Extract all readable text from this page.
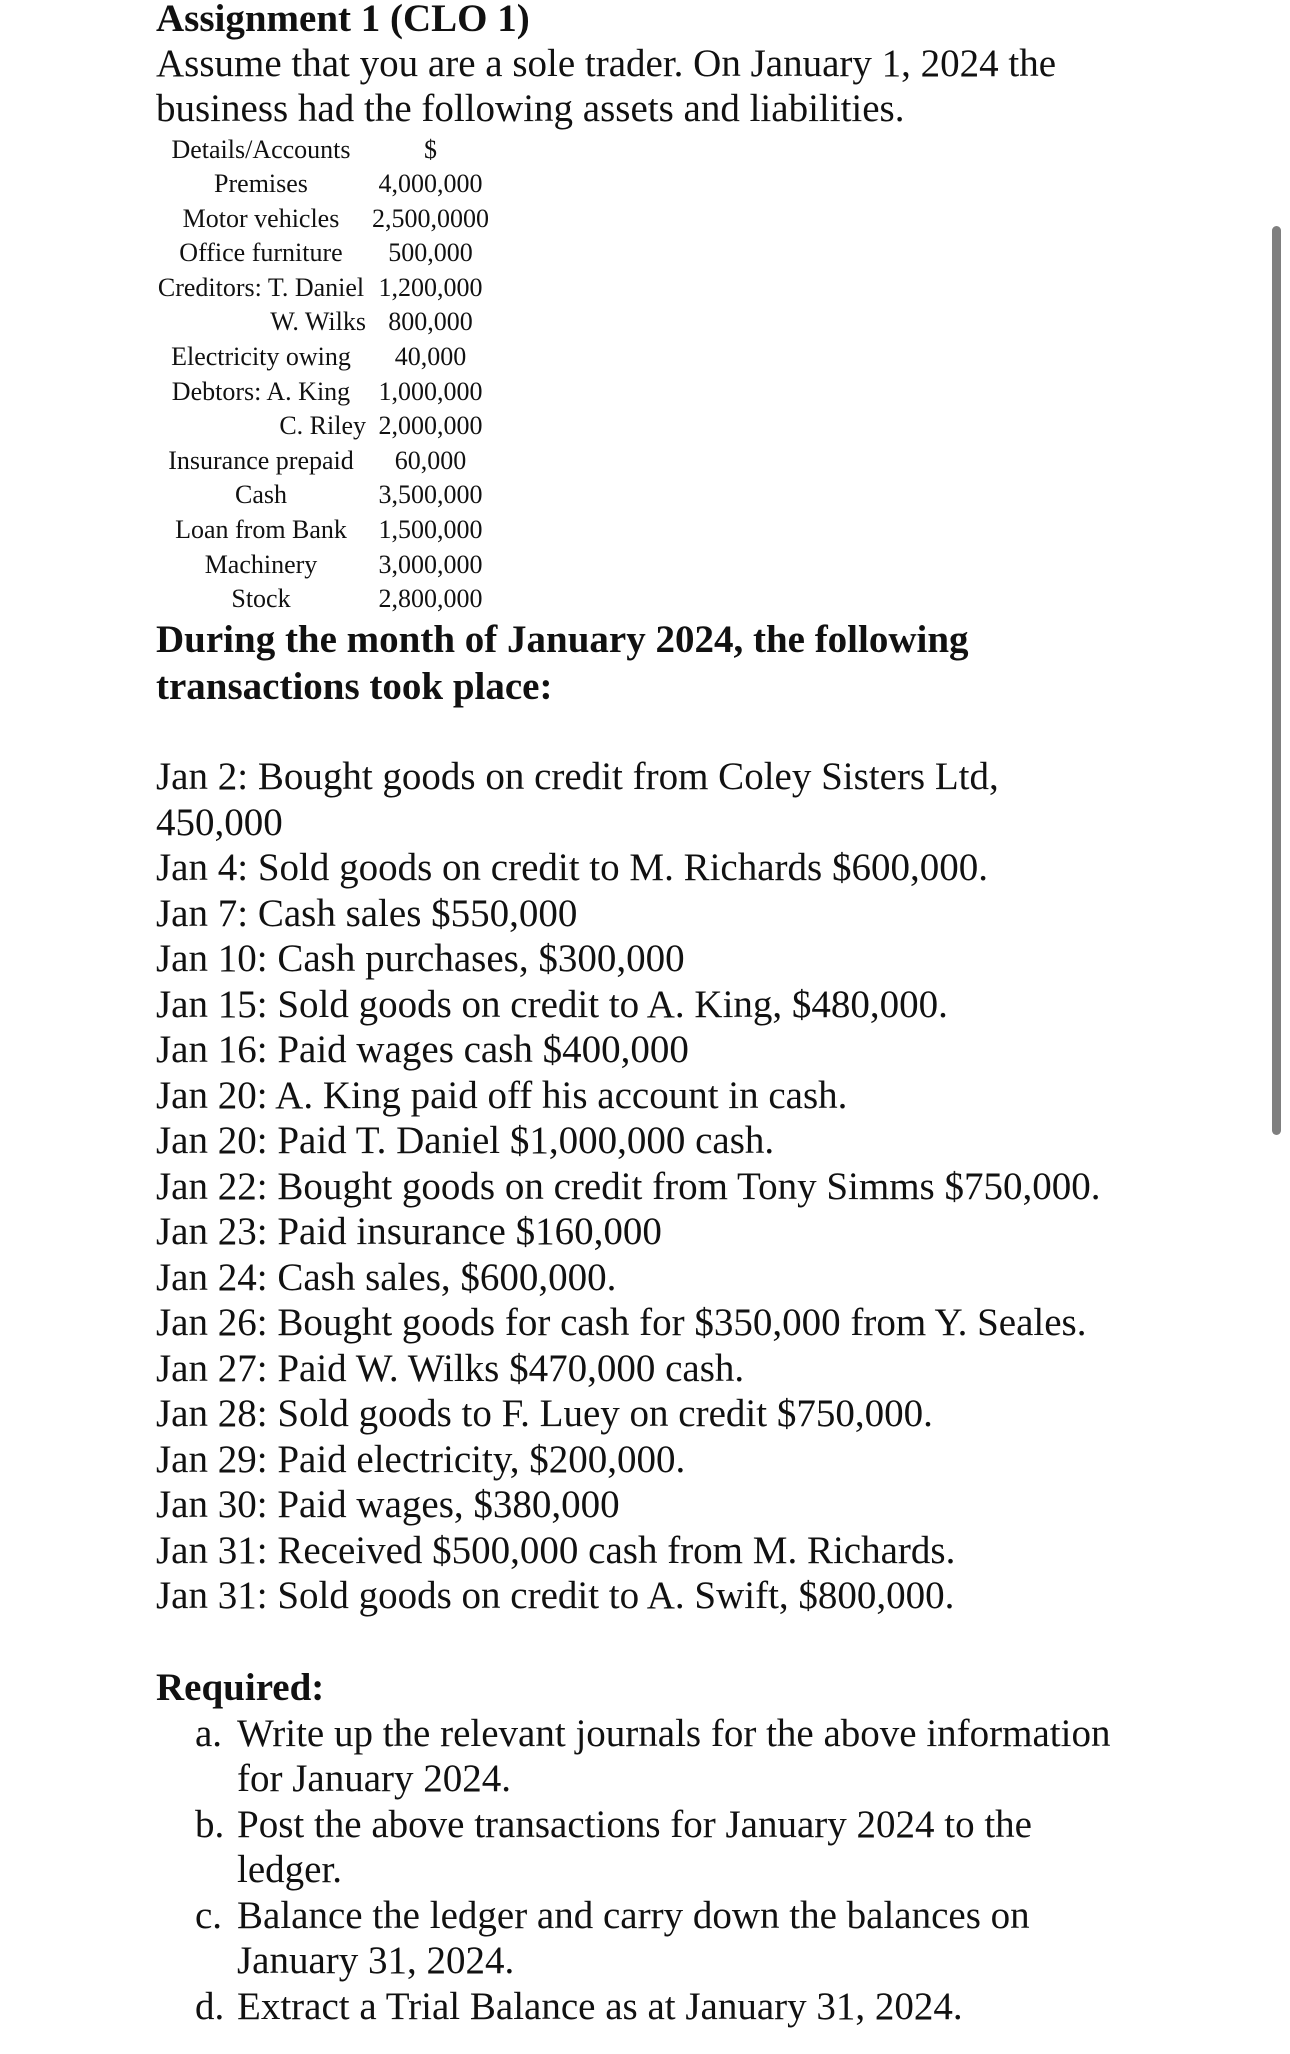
Assignment 1 (CLO 1)

Assume that you are a sole trader. On January 1, 2024 the
business had the following assets and liabilities.

Details/Accounts	$
Premises	4,000,000
Motor vehicles	2,500,0000
Office furniture	500,000
Creditors: T. Daniel	1,200,000
W. Wilks	800,000
Electricity owing	40,000
Debtors: A. King	1,000,000
C. Riley	2,000,000
Insurance prepaid	60,000
Cash	3,500,000
Loan from Bank	1,500,000
Machinery	3,000,000
Stock	2,800,000
During the month of January 2024, the following transactions took place:
Jan 2: Bought goods on credit from Coley Sisters Ltd, 450,000
Jan 4: Sold goods on credit to M. Richards $600,000.
Jan 7: Cash sales $550,000
Jan 10: Cash purchases, $300,000
Jan 15: Sold goods on credit to A. King, $480,000.
Jan 16: Paid wages cash $400,000
Jan 20: A. King paid off his account in cash.
Jan 20: Paid T. Daniel $1,000,000 cash.
Jan 22: Bought goods on credit from Tony Simms $750,000.
Jan 23: Paid insurance $160,000
Jan 24: Cash sales, $600,000.
Jan 26: Bought goods for cash for $350,000 from Y. Seales.
Jan 27: Paid W. Wilks $470,000 cash.
Jan 28: Sold goods to F. Luey on credit $750,000.
Jan 29: Paid electricity, $200,000.
Jan 30: Paid wages, $380,000
Jan 31: Received $500,000 cash from M. Richards.
Jan 31: Sold goods on credit to A. Swift, $800,000.
Required:
a. Write up the relevant journals for the above information for January 2024.
b. Post the above transactions for January 2024 to the ledger.
c. Balance the ledger and carry down the balances on January 31, 2024.
d. Extract a Trial Balance as at January 31, 2024.
